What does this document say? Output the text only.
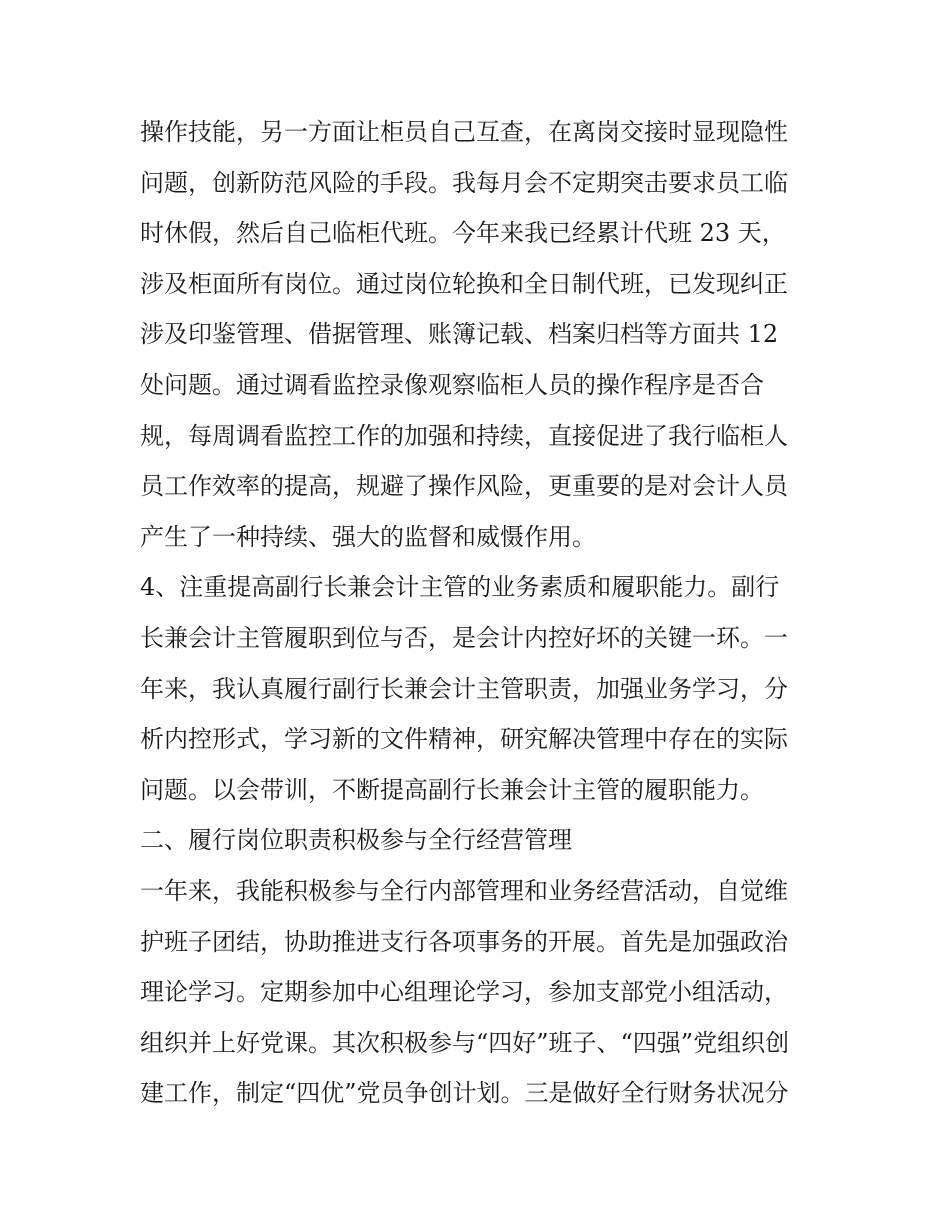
操作技能，另一方面让柜员自己互查，在离岗交接时显现隐性
问题，创新防范风险的手段。我每月会不定期突击要求员工临
时休假，然后自己临柜代班。今年来我已经累计代班 23 天，
涉及柜面所有岗位。通过岗位轮换和全日制代班，已发现纠正
涉及印鉴管理、借据管理、账簿记载、档案归档等方面共 12
处问题。通过调看监控录像观察临柜人员的操作程序是否合
规，每周调看监控工作的加强和持续，直接促进了我行临柜人
员工作效率的提高，规避了操作风险，更重要的是对会计人员
产生了一种持续、强大的监督和威慑作用。
4、注重提高副行长兼会计主管的业务素质和履职能力。副行
长兼会计主管履职到位与否，是会计内控好坏的关键一环。一
年来，我认真履行副行长兼会计主管职责，加强业务学习，分
析内控形式，学习新的文件精神，研究解决管理中存在的实际
问题。以会带训，不断提高副行长兼会计主管的履职能力。
二、履行岗位职责积极参与全行经营管理
一年来，我能积极参与全行内部管理和业务经营活动，自觉维
护班子团结，协助推进支行各项事务的开展。首先是加强政治
理论学习。定期参加中心组理论学习，参加支部党小组活动，
组织并上好党课。其次积极参与“四好”班子、“四强”党组织创
建工作，制定“四优”党员争创计划。三是做好全行财务状况分
